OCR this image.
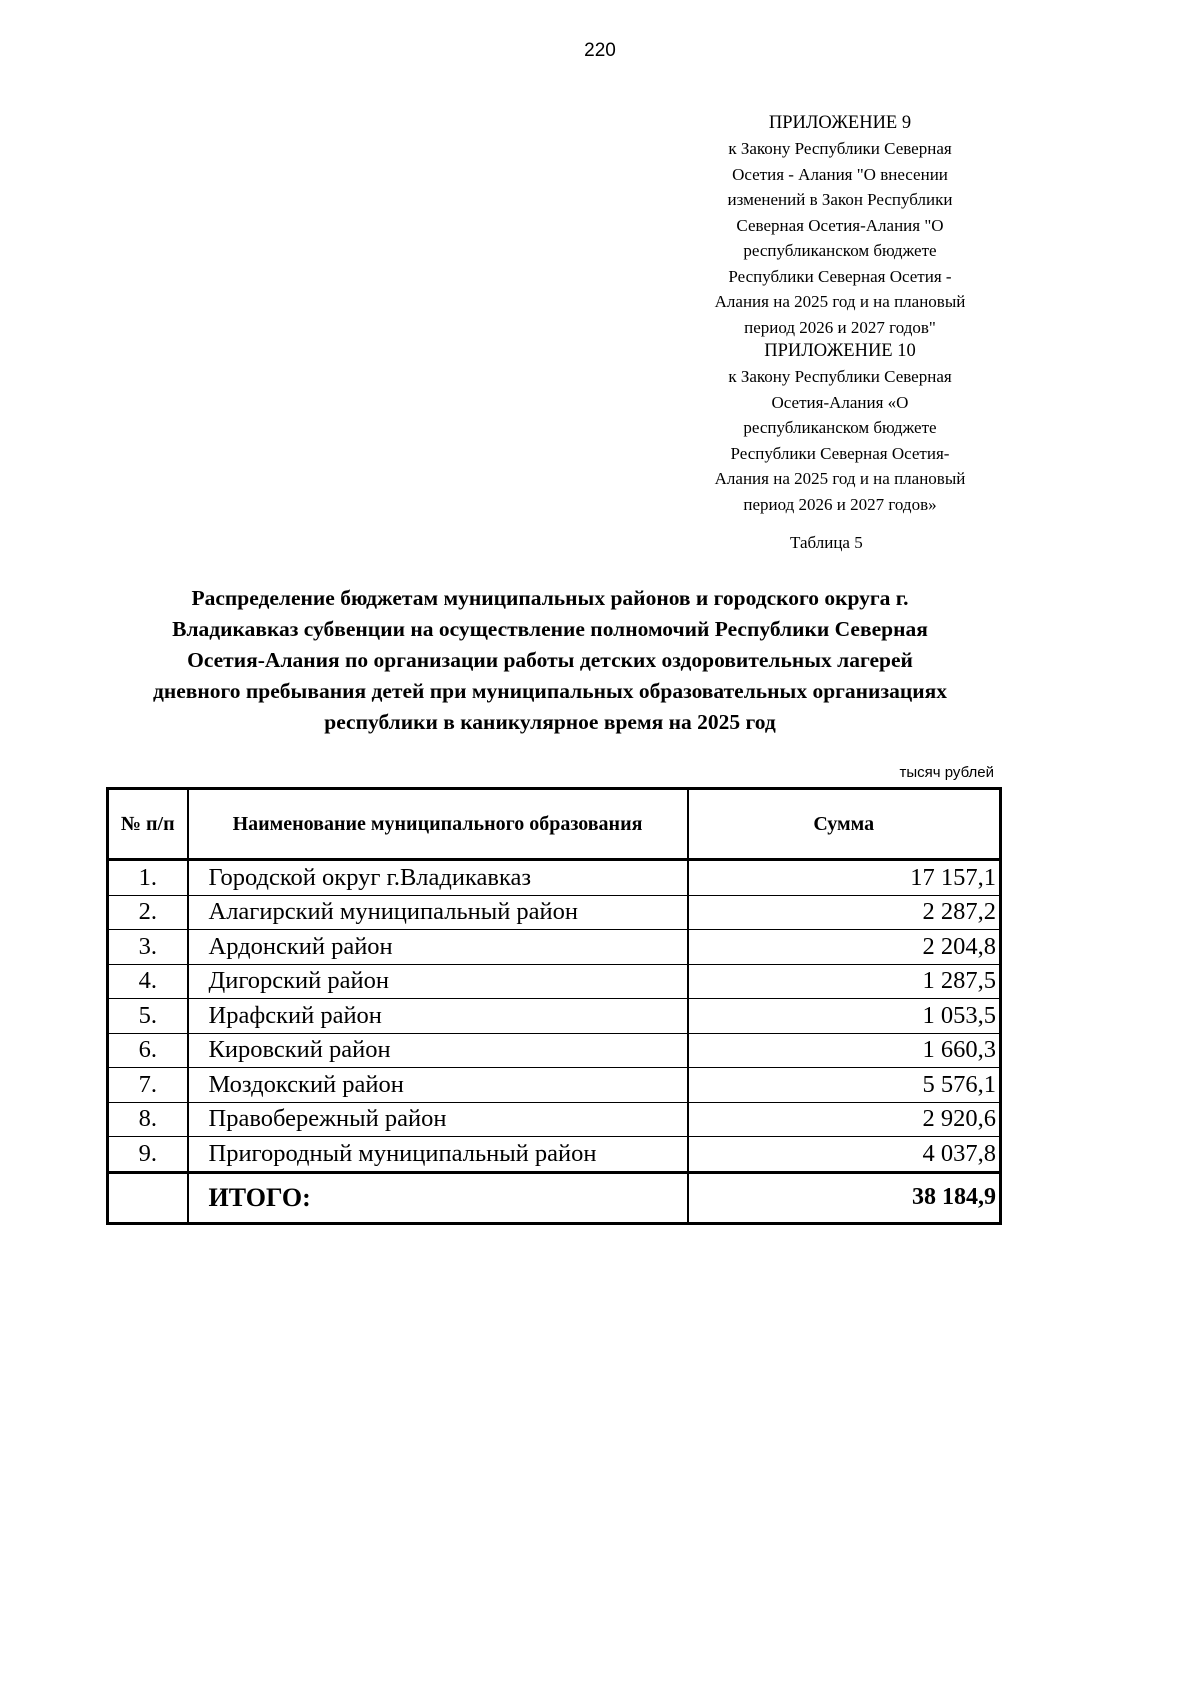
220
ПРИЛОЖЕНИЕ 9
к Закону Республики Северная
Осетия - Алания "О внесении
изменений в Закон Республики
Северная Осетия-Алания "О
республиканском бюджете
Республики Северная Осетия -
Алания на 2025 год и на плановый
период 2026 и 2027 годов"
ПРИЛОЖЕНИЕ 10
к Закону Республики Северная
Осетия-Алания «О
республиканском бюджете
Республики Северная Осетия-
Алания на 2025 год и на плановый
период 2026 и 2027 годов»
Таблица 5
Распределение бюджетам муниципальных районов и городского округа г.
Владикавказ субвенции на осуществление полномочий Республики Северная
Осетия-Алания по организации работы детских оздоровительных лагерей
дневного пребывания детей при муниципальных образовательных организациях
республики в каникулярное время на 2025 год
тысяч рублей
№ п/п	Наименование муниципального образования	Сумма
1.	Городской округ г.Владикавказ	17 157,1
2.	Алагирский муниципальный район	2 287,2
3.	Ардонский район	2 204,8
4.	Дигорский район	1 287,5
5.	Ирафский район	1 053,5
6.	Кировский район	1 660,3
7.	Моздокский район	5 576,1
8.	Правобережный район	2 920,6
9.	Пригородный муниципальный район	4 037,8
	ИТОГО:	38 184,9
